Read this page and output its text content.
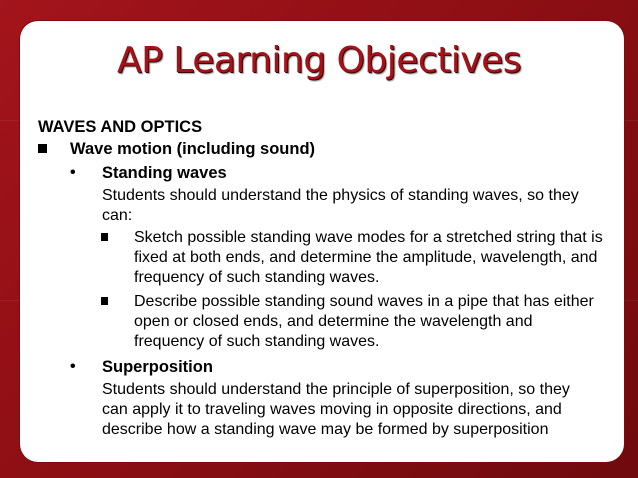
AP Learning Objectives
WAVES AND OPTICS
Wave motion (including sound)
• Standing waves
Students should understand the physics of standing waves, so they can:
Sketch possible standing wave modes for a stretched string that is fixed at both ends, and determine the amplitude, wavelength, and frequency of such standing waves.
Describe possible standing sound waves in a pipe that has either open or closed ends, and determine the wavelength and frequency of such standing waves.
• Superposition
Students should understand the principle of superposition, so they can apply it to traveling waves moving in opposite directions, and describe how a standing wave may be formed by superposition
